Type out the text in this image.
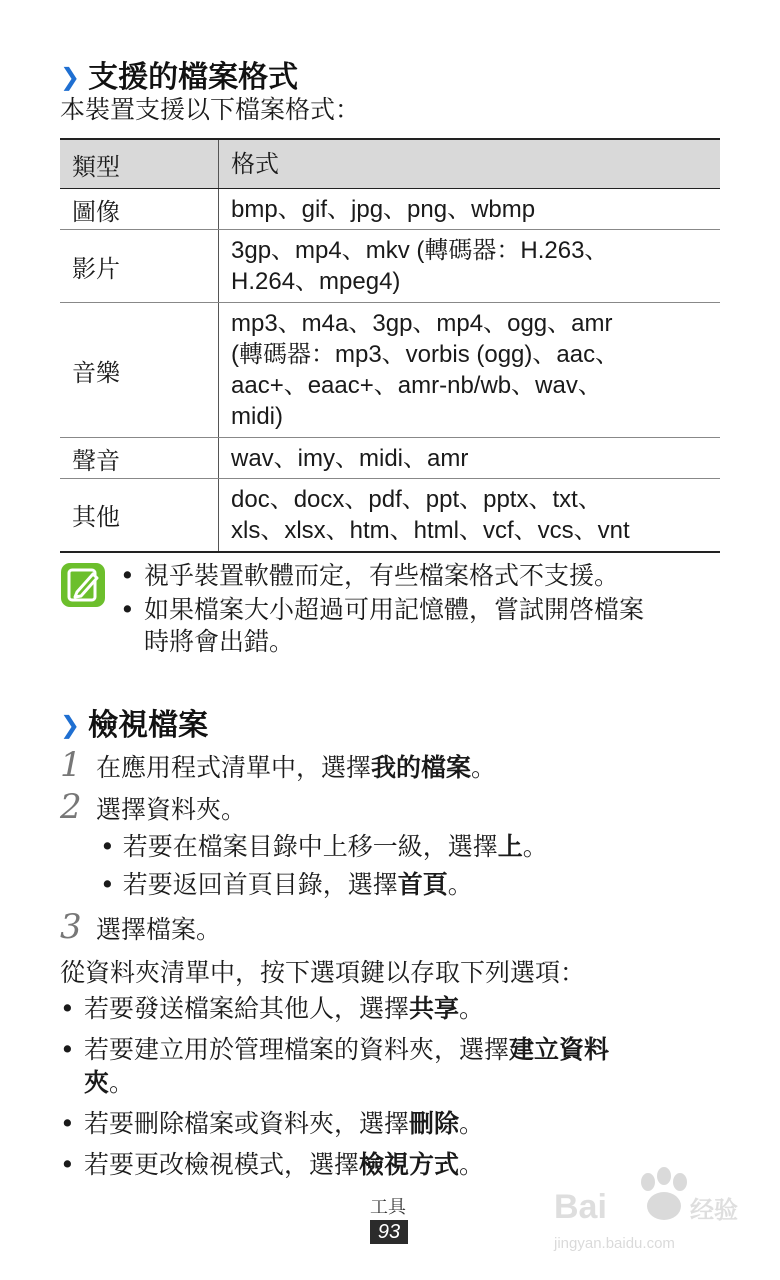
❯ 支援的檔案格式
本裝置支援以下檔案格式：
類型	格式
圖像	bmp、gif、jpg、png、wbmp
影片	3gp、mp4、mkv (轉碼器：H.263、
H.264、mpeg4)
音樂	mp3、m4a、3gp、mp4、ogg、amr
(轉碼器：mp3、vorbis (ogg)、aac、
aac+、eaac+、amr-nb/wb、wav、
midi)
聲音	wav、imy、midi、amr
其他	doc、docx、pdf、ppt、pptx、txt、
xls、xlsx、htm、html、vcf、vcs、vnt
• 視乎裝置軟體而定，有些檔案格式不支援。
• 如果檔案大小超過可用記憶體，嘗試開啓檔案
時將會出錯。
❯ 檢視檔案
1 在應用程式清單中，選擇我的檔案。
2 選擇資料夾。
• 若要在檔案目錄中上移一級，選擇上。
• 若要返回首頁目錄，選擇首頁。
3 選擇檔案。
從資料夾清單中，按下選項鍵以存取下列選項：
• 若要發送檔案給其他人，選擇共享。
• 若要建立用於管理檔案的資料夾，選擇建立資料
夾。
• 若要刪除檔案或資料夾，選擇刪除。
• 若要更改檢視模式，選擇檢視方式。
工具
93
Bai	经验
jingyan.baidu.com
